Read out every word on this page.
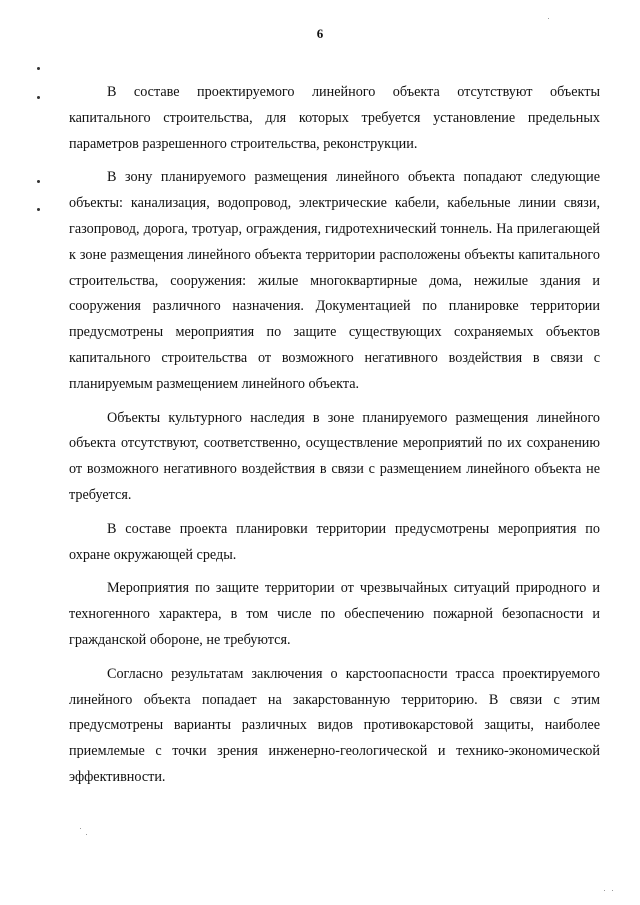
6

В составе проектируемого линейного объекта отсутствуют объекты капитального строительства, для которых требуется установление предельных параметров разрешенного строительства, реконструкции.

В зону планируемого размещения линейного объекта попадают следующие объекты: канализация, водопровод, электрические кабели, кабельные линии связи, газопровод, дорога, тротуар, ограждения, гидротехнический тоннель. На прилегающей к зоне размещения линейного объекта территории расположены объекты капитального строительства, сооружения: жилые многоквартирные дома, нежилые здания и сооружения различного назначения. Документацией по планировке территории предусмотрены мероприятия по защите существующих сохраняемых объектов капитального строительства от возможного негативного воздействия в связи с планируемым размещением линейного объекта.

Объекты культурного наследия в зоне планируемого размещения линейного объекта отсутствуют, соответственно, осуществление мероприятий по их сохранению от возможного негативного воздействия в связи с размещением линейного объекта не требуется.

В составе проекта планировки территории предусмотрены мероприятия по охране окружающей среды.

Мероприятия по защите территории от чрезвычайных ситуаций природного и техногенного характера, в том числе по обеспечению пожарной безопасности и гражданской обороне, не требуются.

Согласно результатам заключения о карстоопасности трасса проектируемого линейного объекта попадает на закарстованную территорию. В связи с этим предусмотрены варианты различных видов противокарстовой защиты, наиболее приемлемые с точки зрения инженерно-геологической и технико-экономической эффективности.
